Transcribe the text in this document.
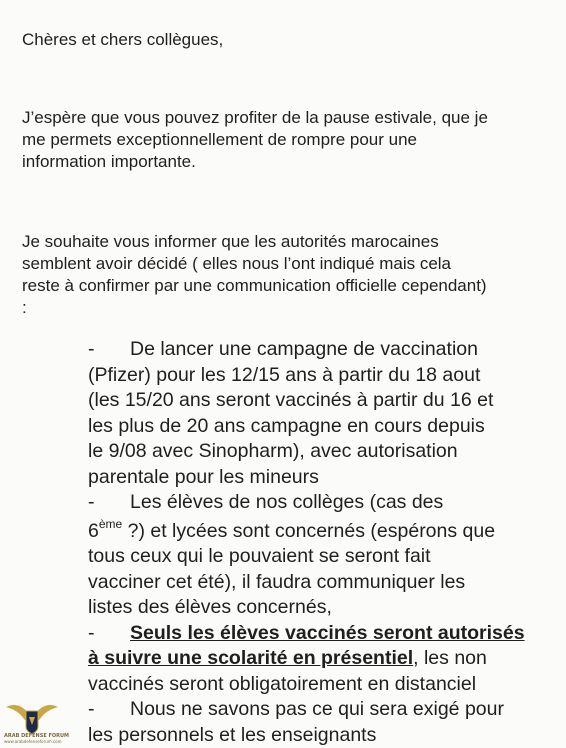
Chères et chers collègues,

J’espère que vous pouvez profiter de la pause estivale, que je
me permets exceptionnellement de rompre pour une
information importante.

Je souhaite vous informer que les autorités marocaines
semblent avoir décidé ( elles nous l’ont indiqué mais cela
reste à confirmer par une communication officielle cependant)
:

- De lancer une campagne de vaccination
(Pfizer) pour les 12/15 ans à partir du 18 aout
(les 15/20 ans seront vaccinés à partir du 16 et
les plus de 20 ans campagne en cours depuis
le 9/08 avec Sinopharm), avec autorisation
parentale pour les mineurs
- Les élèves de nos collèges (cas des
6ème ?) et lycées sont concernés (espérons que
tous ceux qui le pouvaient se seront fait
vacciner cet été), il faudra communiquer les
listes des élèves concernés,
- Seuls les élèves vaccinés seront autorisés
à suivre une scolarité en présentiel, les non
vaccinés seront obligatoirement en distanciel
- Nous ne savons pas ce qui sera exigé pour
les personnels et les enseignants
ARAB DEFENSE FORUM
www.arabdefenseforum.com
